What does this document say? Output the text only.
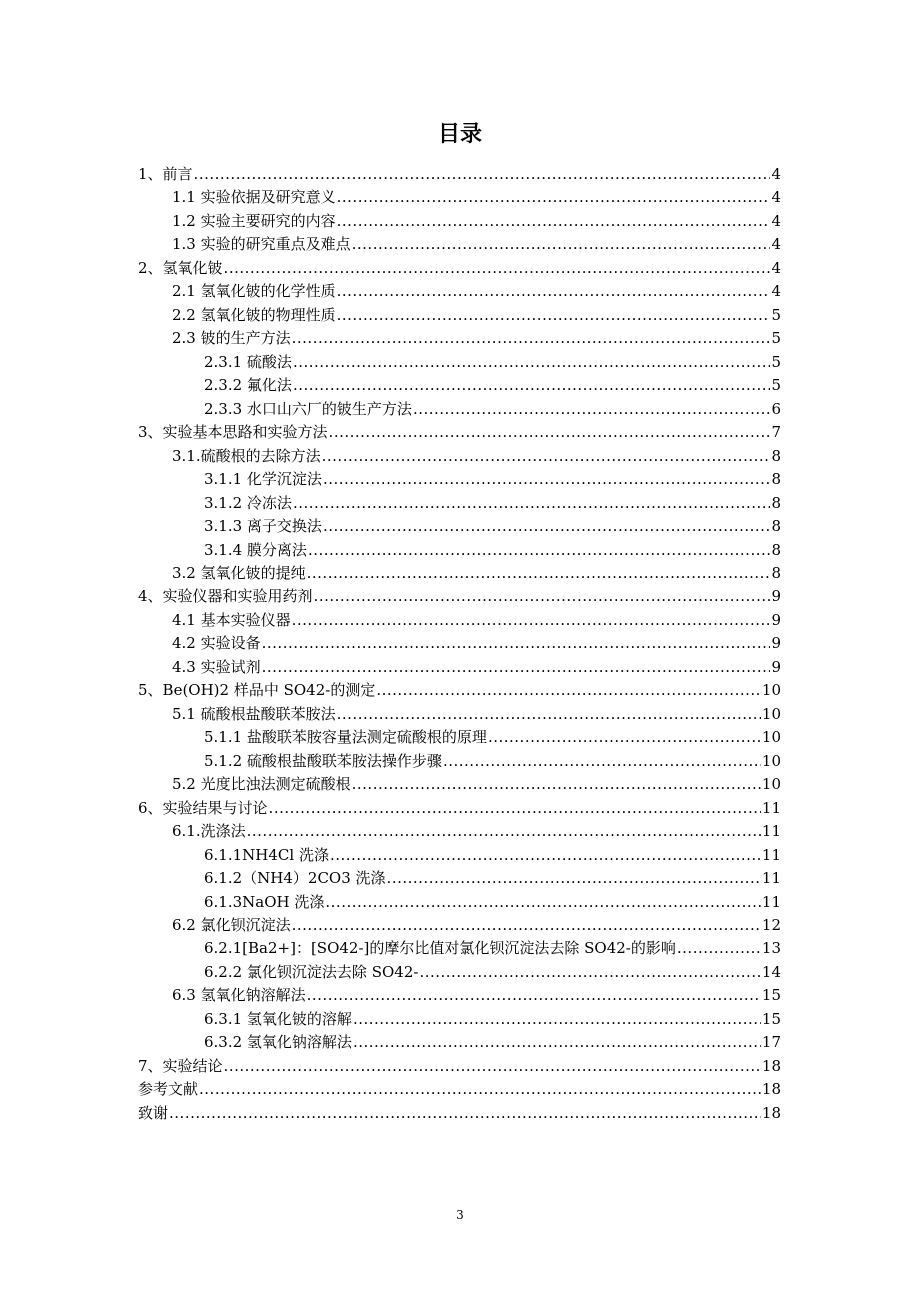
目录
1、前言 .....	4
1.1 实验依据及研究意义 .....	4
1.2 实验主要研究的内容 .....	4
1.3 实验的研究重点及难点 .....	4
2、氢氧化铍 .....	4
2.1 氢氧化铍的化学性质 .....	4
2.2 氢氧化铍的物理性质 .....	5
2.3 铍的生产方法 .....	5
2.3.1 硫酸法 .....	5
2.3.2 氟化法 .....	5
2.3.3 水口山六厂的铍生产方法 .....	6
3、实验基本思路和实验方法 .....	7
3.1.硫酸根的去除方法 .....	8
3.1.1 化学沉淀法 .....	8
3.1.2 冷冻法 .....	8
3.1.3 离子交换法 .....	8
3.1.4 膜分离法 .....	8
3.2 氢氧化铍的提纯 .....	8
4、实验仪器和实验用药剂 .....	9
4.1 基本实验仪器 .....	9
4.2 实验设备 .....	9
4.3 实验试剂 .....	9
5、Be(OH)2 样品中 SO42-的测定 .....	10
5.1 硫酸根盐酸联苯胺法 .....	10
5.1.1 盐酸联苯胺容量法测定硫酸根的原理 .....	10
5.1.2 硫酸根盐酸联苯胺法操作步骤 .....	10
5.2 光度比浊法测定硫酸根 .....	10
6、实验结果与讨论 .....	11
6.1.洗涤法 .....	11
6.1.1NH4Cl 洗涤 .....	11
6.1.2（NH4）2CO3 洗涤 .....	11
6.1.3NaOH 洗涤 .....	11
6.2 氯化钡沉淀法 .....	12
6.2.1[Ba2+]：[SO42-]的摩尔比值对氯化钡沉淀法去除 SO42-的影响 .....	13
6.2.2 氯化钡沉淀法去除 SO42- .....	14
6.3 氢氧化钠溶解法 .....	15
6.3.1 氢氧化铍的溶解 .....	15
6.3.2 氢氧化钠溶解法 .....	17
7、实验结论 .....	18
参考文献 .....	18
致谢 .....	18
3
